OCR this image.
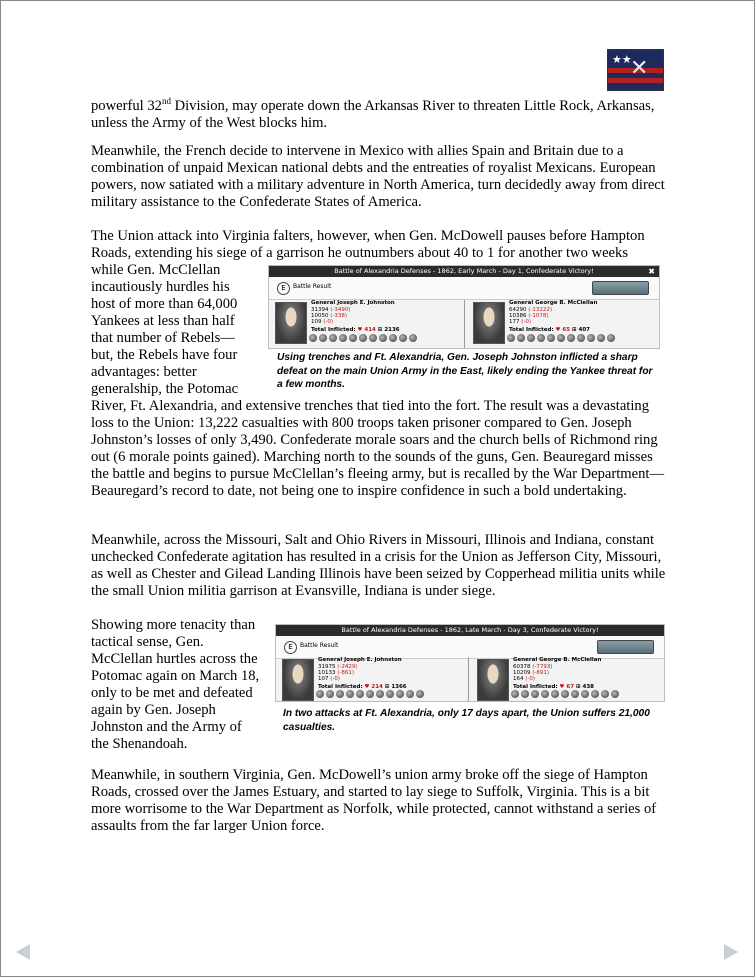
★★
✕

powerful 32nd Division, may operate down the Arkansas River to threaten Little Rock, Arkansas, unless the Army of the West blocks him.

Meanwhile, the French decide to intervene in Mexico with allies Spain and Britain due to a combination of unpaid Mexican national debts and the entreaties of royalist Mexicans. European powers, now satiated with a military adventure in North America, turn decidedly away from direct military assistance to the Confederate States of America.

The Union attack into Virginia falters, however, when Gen. McDowell pauses before Hampton Roads, extending his siege of a garrison he outnumbers about 40 to 1 for another two weeks

while Gen. McClellan
incautiously hurdles his
host of more than 64,000
Yankees at less than half
that number of Rebels—
but, the Rebels have four
advantages: better
generalship, the Potomac
Battle of Alexandria Defenses - 1862, Early March - Day 1, Confederate Victory!	✖
E	Battle Result
General Joseph E. Johnston
31394 (-3490)
10050 (-338)
109 (-0)
Total Inflicted: ♥ 414 ⊞ 2136
General George B. McClellan
64290 (-13222)
10386 (-1078)
177 (-0)
Total Inflicted: ♥ 65 ⊞ 407
Using trenches and Ft. Alexandria, Gen. Joseph Johnston inflicted a sharp defeat on the main Union Army in the East, likely ending the Yankee threat for a few months.

River, Ft. Alexandria, and extensive trenches that tied into the fort. The result was a devastating loss to the Union: 13,222 casualties with 800 troops taken prisoner compared to Gen. Joseph Johnston’s losses of only 3,490. Confederate morale soars and the church bells of Richmond ring out (6 morale points gained). Marching north to the sounds of the guns, Gen. Beauregard misses the battle and begins to pursue McClellan’s fleeing army, but is recalled by the War Department—Beauregard’s record to date, not being one to inspire confidence in such a bold undertaking.

Meanwhile, across the Missouri, Salt and Ohio Rivers in Missouri, Illinois and Indiana, constant unchecked Confederate agitation has resulted in a crisis for the Union as Jefferson City, Missouri, as well as Chester and Gilead Landing Illinois have been seized by Copperhead militia units while the small Union militia garrison at Evansville, Indiana is under siege.

Showing more tenacity than
tactical sense, Gen.
McClellan hurtles across the
Potomac again on March 18,
only to be met and defeated
again by Gen. Joseph
Johnston and the Army of
the Shenandoah.
Battle of Alexandria Defenses - 1862, Late March - Day 3, Confederate Victory!
E	Battle Result
General Joseph E. Johnston
31975 (-2429)
10133 (-861)
107 (-0)
Total Inflicted: ♥ 214 ⊞ 1366
General George B. McClellan
60378 (-7793)
10209 (-891)
164 (-0)
Total Inflicted: ♥ 67 ⊞ 438
In two attacks at Ft. Alexandria, only 17 days apart, the Union suffers 21,000 casualties.

Meanwhile, in southern Virginia, Gen. McDowell’s union army broke off the siege of Hampton Roads, crossed over the James Estuary, and started to lay siege to Suffolk, Virginia. This is a bit more worrisome to the War Department as Norfolk, while protected, cannot withstand a series of assaults from the far larger Union force.
